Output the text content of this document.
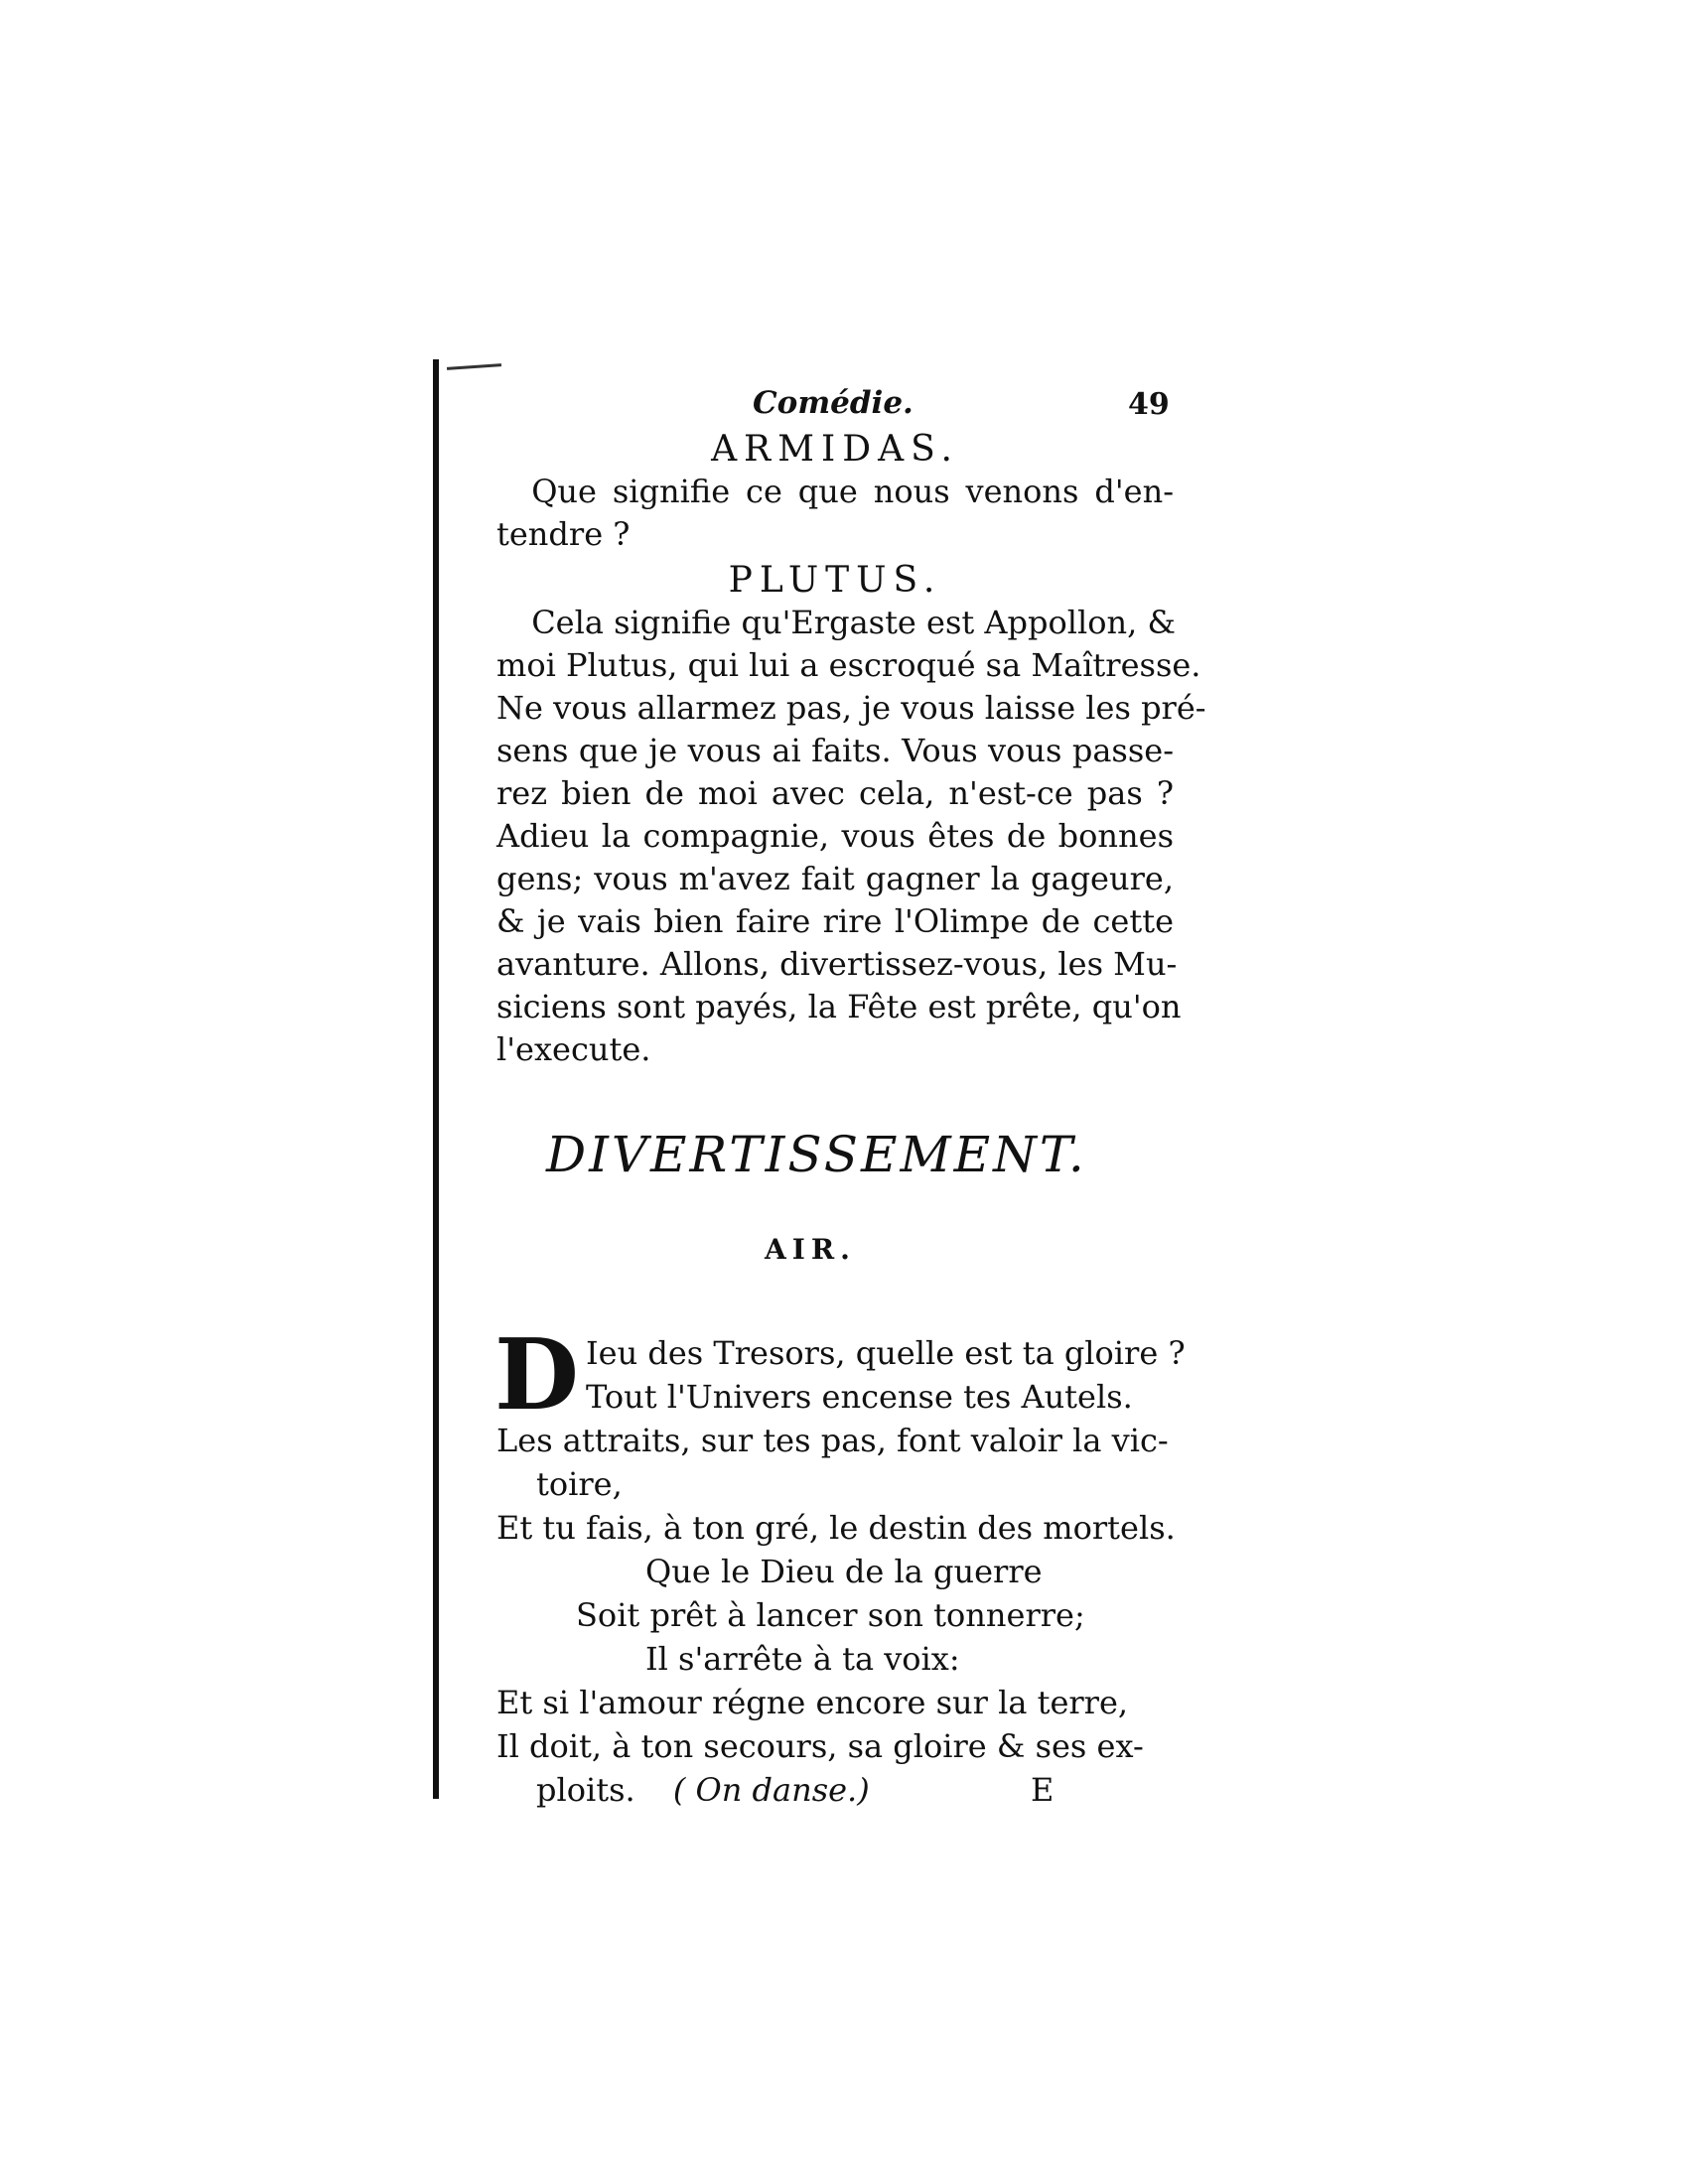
Comédie.	49

ARMIDAS.

Que signifie ce que nous venons d'en-
tendre ?

PLUTUS.

Cela signifie qu'Ergaste est Appollon, &
moi Plutus, qui lui a escroqué sa Maîtresse.
Ne vous allarmez pas, je vous laisse les pré-
sens que je vous ai faits. Vous vous passe-
rez bien de moi avec cela, n'est-ce pas ?
Adieu la compagnie, vous êtes de bonnes
gens; vous m'avez fait gagner la gageure,
& je vais bien faire rire l'Olimpe de cette
avanture. Allons, divertissez-vous, les Mu-
siciens sont payés, la Fête est prête, qu'on
l'execute.

DIVERTISSEMENT.

AIR.

D Ieu des Tresors, quelle est ta gloire ?
Tout l'Univers encense tes Autels.
Les attraits, sur tes pas, font valoir la vic-
toire,
Et tu fais, à ton gré, le destin des mortels.
Que le Dieu de la guerre
Soit prêt à lancer son tonnerre;
Il s'arrête à ta voix:
Et si l'amour régne encore sur la terre,
Il doit, à ton secours, sa gloire & ses ex-
ploits. ( On danse.)	E
